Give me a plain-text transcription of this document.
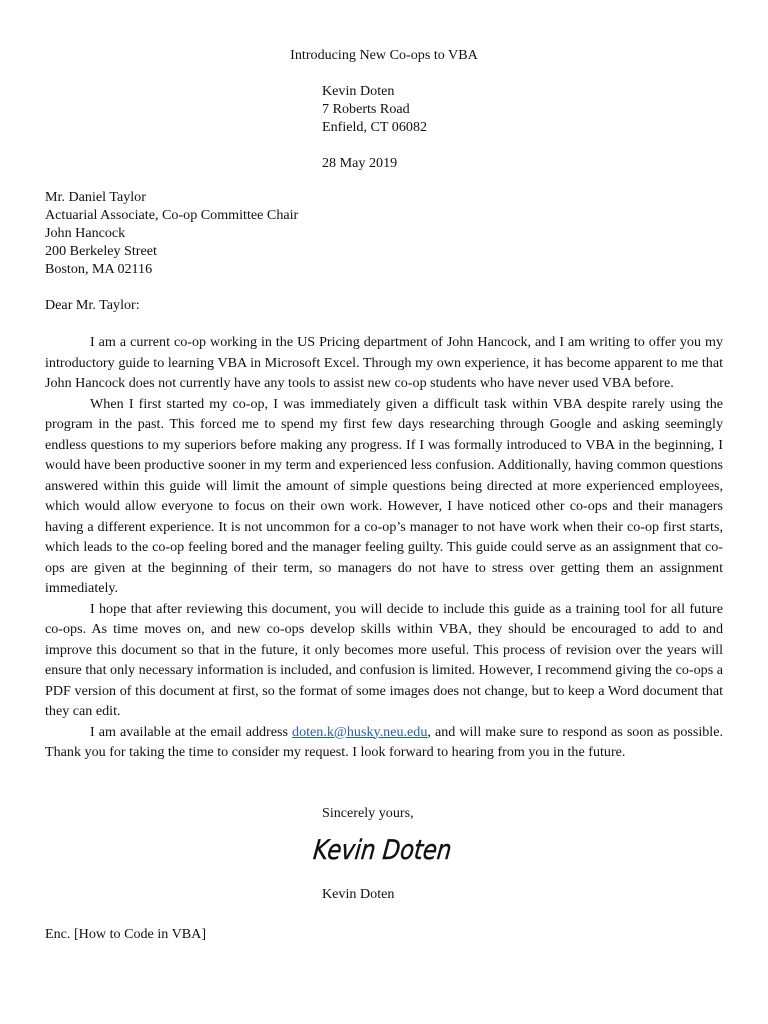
Introducing New Co-ops to VBA
Kevin Doten
7 Roberts Road
Enfield, CT 06082
28 May 2019
Mr. Daniel Taylor
Actuarial Associate, Co-op Committee Chair
John Hancock
200 Berkeley Street
Boston, MA 02116
Dear Mr. Taylor:

I am a current co-op working in the US Pricing department of John Hancock, and I am writing to offer you my introductory guide to learning VBA in Microsoft Excel. Through my own experience, it has become apparent to me that John Hancock does not currently have any tools to assist new co-op students who have never used VBA before.

When I first started my co-op, I was immediately given a difficult task within VBA despite rarely using the program in the past. This forced me to spend my first few days researching through Google and asking seemingly endless questions to my superiors before making any progress. If I was formally introduced to VBA in the beginning, I would have been productive sooner in my term and experienced less confusion. Additionally, having common questions answered within this guide will limit the amount of simple questions being directed at more experienced employees, which would allow everyone to focus on their own work. However, I have noticed other co-ops and their managers having a different experience. It is not uncommon for a co-op’s manager to not have work when their co-op first starts, which leads to the co-op feeling bored and the manager feeling guilty. This guide could serve as an assignment that co-ops are given at the beginning of their term, so managers do not have to stress over getting them an assignment immediately.

I hope that after reviewing this document, you will decide to include this guide as a training tool for all future co-ops. As time moves on, and new co-ops develop skills within VBA, they should be encouraged to add to and improve this document so that in the future, it only becomes more useful. This process of revision over the years will ensure that only necessary information is included, and confusion is limited. However, I recommend giving the co-ops a PDF version of this document at first, so the format of some images does not change, but to keep a Word document that they can edit.

I am available at the email address doten.k@husky.neu.edu, and will make sure to respond as soon as possible. Thank you for taking the time to consider my request. I look forward to hearing from you in the future.

Sincerely yours,
Kevin Doten
Kevin Doten
Enc. [How to Code in VBA]
